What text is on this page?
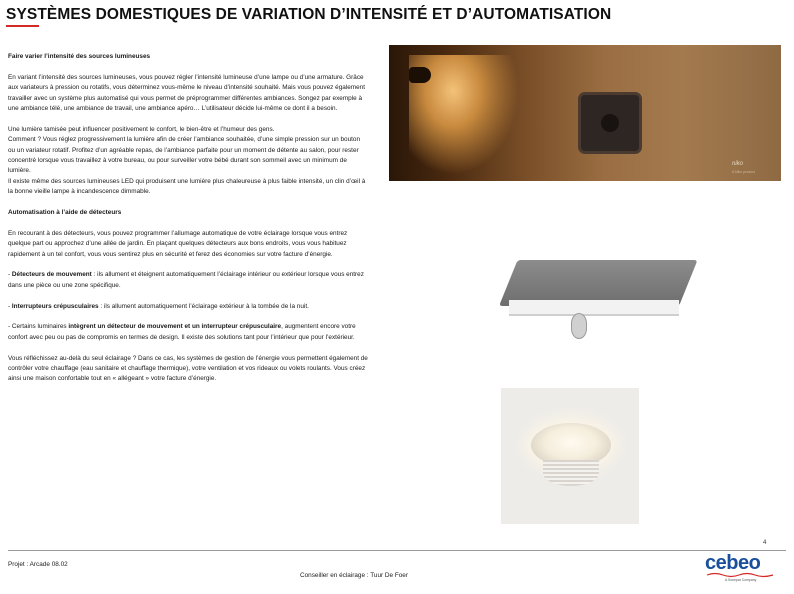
SYSTÈMES DOMESTIQUES DE VARIATION D’INTENSITÉ ET D’AUTOMATISATION

Faire varier l’intensité des sources lumineuses

En variant l’intensité des sources lumineuses, vous pouvez régler l’intensité lumineuse d’une lampe ou d’une armature. Grâce aux variateurs à pression ou rotatifs, vous déterminez vous-même le niveau d’intensité souhaité. Mais vous pouvez également travailler avec un système plus automatisé qui vous permet de préprogrammer différentes ambiances. Songez par exemple à une ambiance télé, une ambiance de travail, une ambiance apéro… L’utilisateur décide lui-même ce dont il a besoin.

Une lumière tamisée peut influencer positivement le confort, le bien-être et l’humeur des gens.
Comment ? Vous réglez progressivement la lumière afin de créer l’ambiance souhaitée, d’une simple pression sur un bouton ou un variateur rotatif. Profitez d’un agréable repas, de l’ambiance parfaite pour un moment de détente au salon, pour rester concentré lorsque vous travaillez à votre bureau, ou pour surveiller votre bébé durant son sommeil avec un minimum de lumière.
Il existe même des sources lumineuses LED qui produisent une lumière plus chaleureuse à plus faible intensité, un clin d’œil à la bonne vieille lampe à incandescence dimmable.

Automatisation à l’aide de détecteurs

En recourant à des détecteurs, vous pouvez programmer l’allumage automatique de votre éclairage lorsque vous entrez quelque part ou approchez d’une allée de jardin. En plaçant quelques détecteurs aux bons endroits, vous vous habituez rapidement à un tel confort, vous vous sentirez plus en sécurité et ferez des économies sur votre facture d’énergie.

- Détecteurs de mouvement : ils allument et éteignent automatiquement l’éclairage intérieur ou extérieur lorsque vous entrez dans une pièce ou une zone spécifique.

- Interrupteurs crépusculaires : ils allument automatiquement l’éclairage extérieur à la tombée de la nuit.

- Certains luminaires intègrent un détecteur de mouvement et un interrupteur crépusculaire, augmentent encore votre confort avec peu ou pas de compromis en termes de design. Il existe des solutions tant pour l’intérieur que pour l’extérieur.

Vous réfléchissez au-delà du seul éclairage ? Dans ce cas, les systèmes de gestion de l’énergie vous permettent également de contrôler votre chauffage (eau sanitaire et chauffage thermique), votre ventilation et vos rideaux ou volets roulants. Vous créez ainsi une maison confortable tout en « allégeant » votre facture d’énergie.

niko
A Niko product
4
Projet : Arcade 08.02
Conseiller en éclairage : Tuur De Foer
cebeo
A Sonepar Company
